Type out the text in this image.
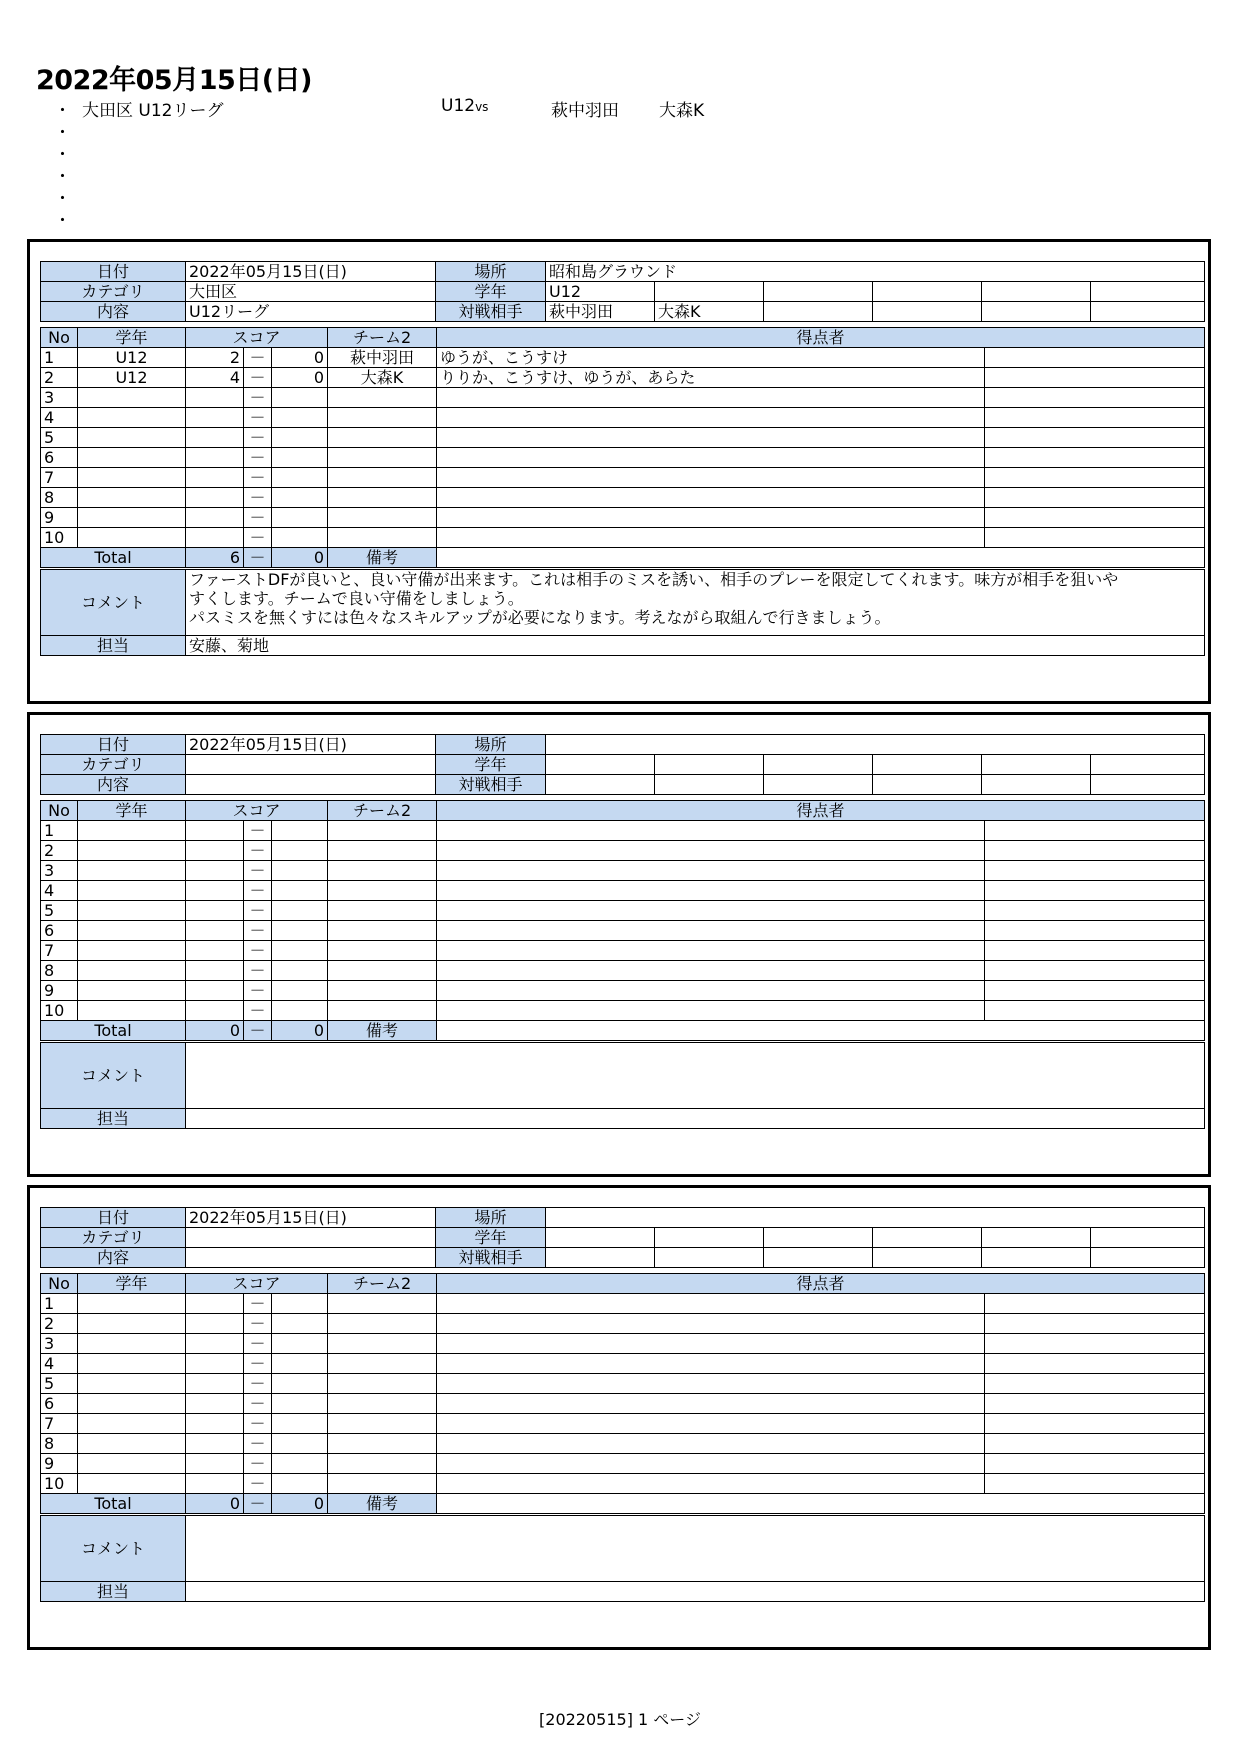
2022年05月15日(日)
・ 大田区 U12リーグ	U12vs	萩中羽田 大森K
・
・
・
・
・
日付	2022年05月15日(日)	場所	昭和島グラウンド					
カテゴリ	大田区	学年	U12					
内容	U12リーグ	対戦相手	萩中羽田	大森K				
No	学年	スコア			チーム2	得点者	
1	U12	2	－	0	萩中羽田	ゆうが、こうすけ	
2	U12	4	－	0	大森K	りりか、こうすけ、ゆうが、あらた	
3			－				
4			－				
5			－				
6			－				
7			－				
8			－				
9			－				
10			－				
Total		6	－	0	備考		
コメント	ファーストDFが良いと、良い守備が出来ます。これは相手のミスを誘い、相手のプレーを限定してくれます。味方が相手を狙いや
すくします。チームで良い守備をしましょう。
パスミスを無くすには色々なスキルアップが必要になります。考えながら取組んで行きましょう。

担当	安藤、菊地
日付	2022年05月15日(日)	場所						
カテゴリ		学年						
内容		対戦相手						
No	学年	スコア			チーム2	得点者	
1			－				
2			－				
3			－				
4			－				
5			－				
6			－				
7			－				
8			－				
9			－				
10			－				
Total		0	－	0	備考		
コメント	
担当	
日付	2022年05月15日(日)	場所						
カテゴリ		学年						
内容		対戦相手						
No	学年	スコア			チーム2	得点者	
1			－				
2			－				
3			－				
4			－				
5			－				
6			－				
7			－				
8			－				
9			－				
10			－				
Total		0	－	0	備考		
コメント	
担当	
[20220515] 1 ページ
